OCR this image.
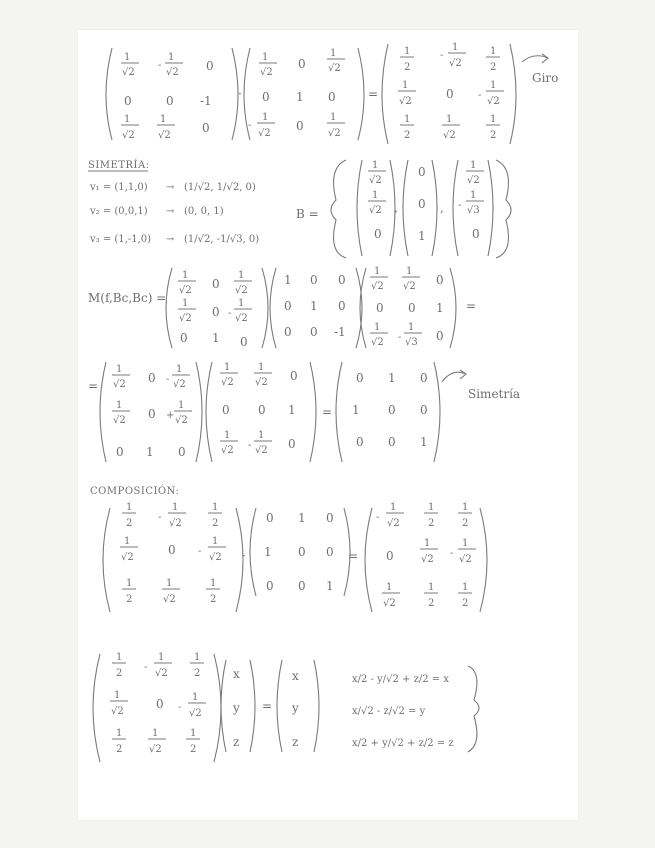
1
√2
-
1
√2 0
0	0 -1
1
√2
1
√2
0
·
1
√2
0
1
√2
0 1 0
-
1
√2
0
1
√2
=
1
2
-
1
√2
1
2
1
√2
0 -
1
√2
1
2
1
√2
1
2
Giro
SIMETRÍA:
v₁ = (1,1,0) → (1/√2, 1/√2, 0)
v₂ = (0,0,1) → (0, 0, 1)
v₃ = (1,-1,0) → (1/√2, -1/√3, 0)
B =
1
√2
1
√2
0
,
0
0
1
,
1
√2
-
1
√3
0
M(f,Bc,Bc) =
1
√2 0
1
√2
1
√2 0 -
1
√2
0 1 0
1 0 0
0 1 0
0 0 -1
1
√2
1
√2 0
0 0 1
1
√2 -
1
√3 0
=
=
1
√2 0 -
1
√2
1
√2 0 +
1
√2
0 1 0
1
√2
1
√2 0
0 0 1
1
√2 -
1
√2 0
=
0 1 0
1 0 0
0 0 1
Simetría
COMPOSICIÓN:
1
2
-
1
√2
1
2
1
√2
0 -
1
√2
1
2
1
√2
1
2
·
0 1 0
1 0 0
0 0 1
=
-
1
√2
1
2
1
2
0
1
√2
-
1
√2
1
√2
1
2
1
2
1
2
-
1
√2
1
2
1
√2
0 -
1
√2
1
2
1
√2
1
2
x
y
z
=
x
y
z
x/2 - y/√2 + z/2 = x
x/√2 - z/√2 = y
x/2 + y/√2 + z/2 = z
